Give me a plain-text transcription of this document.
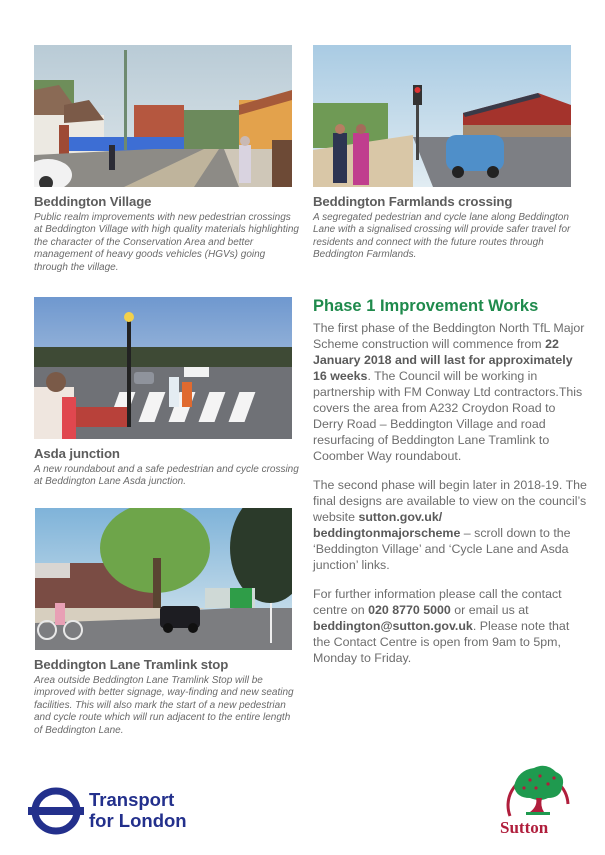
Beddington Village
Public realm improvements with new pedestrian crossings at Beddington Village with high quality materials highlighting the character of the Conservation Area and better management of heavy goods vehicles (HGVs) going through the village.
Beddington Farmlands crossing
A segregated pedestrian and cycle lane along Beddington Lane with a signalised crossing will provide safer travel for residents and connect with the future routes through Beddington Farmlands.
Asda junction
A new roundabout and a safe pedestrian and cycle crossing at Beddington Lane Asda junction.
Beddington Lane Tramlink stop
Area outside Beddington Lane Tramlink Stop will be improved with better signage, way-finding and new seating facilities. This will also mark the start of a new pedestrian and cycle route which will run adjacent to the entire length of Beddington Lane.
Phase 1 Improvement Works
The first phase of the Beddington North TfL Major Scheme construction will commence from 22 January 2018 and will last for approximately 16 weeks. The Council will be working in partnership with FM Conway Ltd contractors.This covers the area from A232 Croydon Road to Derry Road – Beddington Village and road resurfacing of Beddington Lane Tramlink to Coomber Way roundabout.
The second phase will begin later in 2018-19. The final designs are available to view on the council’s website sutton.gov.uk/ beddingtonmajorscheme – scroll down to the ‘Beddington Village’ and ‘Cycle Lane and Asda junction’ links.
For further information please call the contact centre on 020 8770 5000 or email us at beddington@sutton.gov.uk. Please note that the Contact Centre is open from 9am to 5pm, Monday to Friday.
Transport
for London	Sutton
